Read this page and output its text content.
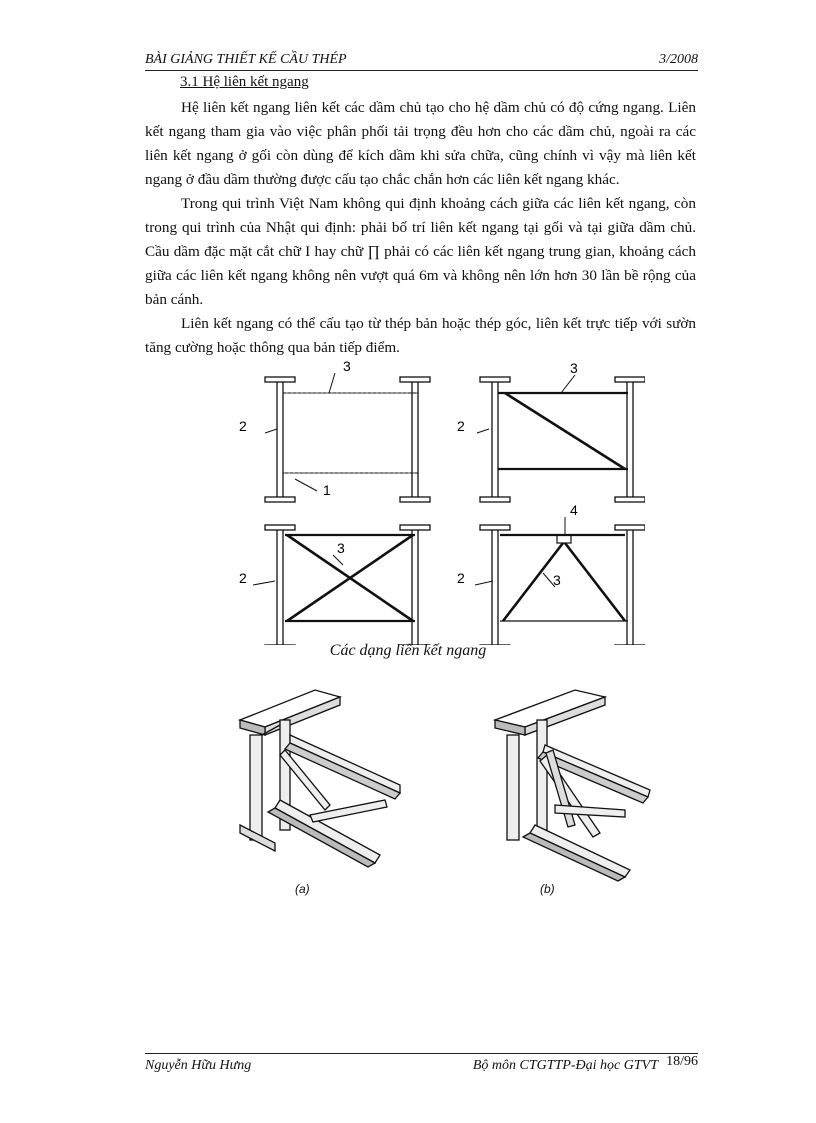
BÀI GIẢNG THIẾT KẾ CẦU THÉP	3/2008
3.1 Hệ liên kết ngang

Hệ liên kết ngang liên kết các dầm chủ tạo cho hệ dầm chủ có độ cứng ngang. Liên kết ngang tham gia vào việc phân phối tải trọng đều hơn cho các dầm chủ, ngoài ra các liên kết ngang ở gối còn dùng để kích dầm khi sửa chữa, cũng chính vì vậy mà liên kết ngang ở đầu dầm thường được cấu tạo chắc chắn hơn các liên kết ngang khác.

Trong qui trình Việt Nam không qui định khoảng cách giữa các liên kết ngang, còn trong qui trình của Nhật qui định: phải bố trí liên kết ngang tại gối và tại giữa dầm chủ. Cầu dầm đặc mặt cắt chữ I hay chữ ∏ phải có các liên kết ngang trung gian, khoảng cách giữa các liên kết ngang không nên vượt quá 6m và không nên lớn hơn 30 lần bề rộng của bản cánh.

Liên kết ngang có thể cấu tạo từ thép bản hoặc thép góc, liên kết trực tiếp với sườn tăng cường hoặc thông qua bản tiếp điểm.

3
2
1
3
2
3
2
4
3
2
Các dạng liên kết ngang
(a)	(b)
Nguyễn Hữu Hưng	Bộ môn CTGTTP-Đại học GTVT 18/96
